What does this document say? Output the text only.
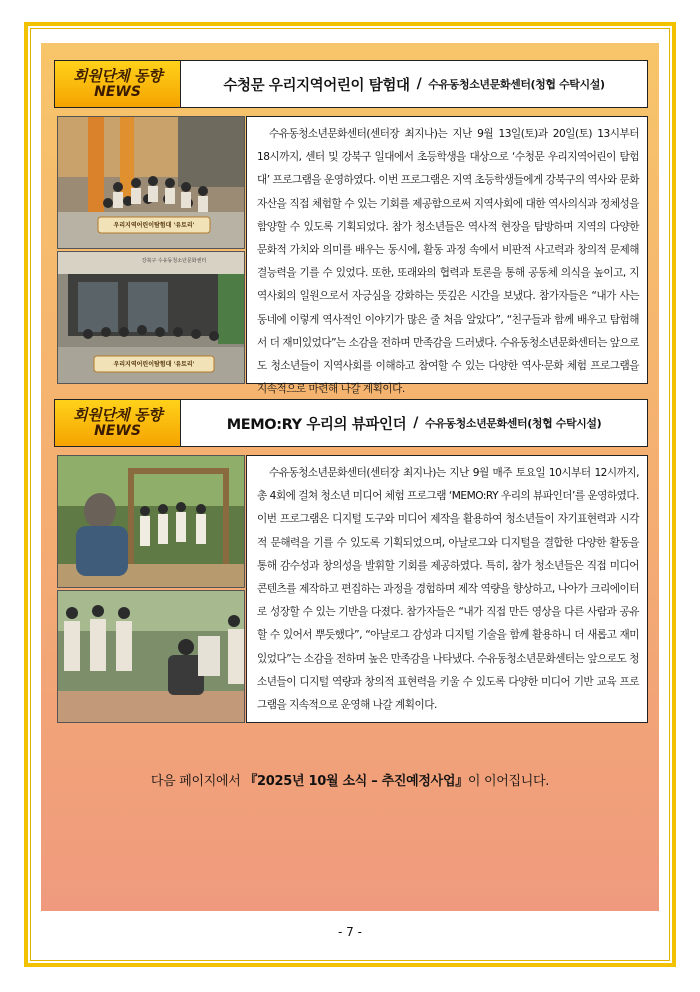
회원단체 동향
NEWS	수청문 우리지역어린이 탐험대 / 수유동청소년문화센터(청협 수탁시설)
우리지역어린이탐험대 '유토리'
강북구 수유동청소년문화센터
우리지역어린이탐험대 '유토리'
수유동청소년문화센터(센터장 최지나)는 지난 9월 13일(토)과 20일(토) 13시부터 18시까지, 센터 및 강북구 일대에서 초등학생을 대상으로 ‘수청문 우리지역어린이 탐험대’ 프로그램을 운영하였다. 이번 프로그램은 지역 초등학생들에게 강북구의 역사와 문화 자산을 직접 체험할 수 있는 기회를 제공함으로써 지역사회에 대한 역사의식과 정체성을 함양할 수 있도록 기획되었다. 참가 청소년들은 역사적 현장을 탐방하며 지역의 다양한 문화적 가치와 의미를 배우는 동시에, 활동 과정 속에서 비판적 사고력과 창의적 문제해결능력을 기를 수 있었다. 또한, 또래와의 협력과 토론을 통해 공동체 의식을 높이고, 지역사회의 일원으로서 자긍심을 강화하는 뜻깊은 시간을 보냈다. 참가자들은 “내가 사는 동네에 이렇게 역사적인 이야기가 많은 줄 처음 알았다”, “친구들과 함께 배우고 탐험해서 더 재미있었다”는 소감을 전하며 만족감을 드러냈다. 수유동청소년문화센터는 앞으로도 청소년들이 지역사회를 이해하고 참여할 수 있는 다양한 역사·문화 체험 프로그램을 지속적으로 마련해 나갈 계획이다.
회원단체 동향
NEWS	MEMO:RY 우리의 뷰파인더 / 수유동청소년문화센터(청협 수탁시설)
수유동청소년문화센터(센터장 최지나)는 지난 9월 매주 토요일 10시부터 12시까지, 총 4회에 걸쳐 청소년 미디어 체험 프로그램 ‘MEMO:RY 우리의 뷰파인더’를 운영하였다. 이번 프로그램은 디지털 도구와 미디어 제작을 활용하여 청소년들이 자기표현력과 시각적 문해력을 기를 수 있도록 기획되었으며, 아날로그와 디지털을 결합한 다양한 활동을 통해 감수성과 창의성을 발휘할 기회를 제공하였다. 특히, 참가 청소년들은 직접 미디어 콘텐츠를 제작하고 편집하는 과정을 경험하며 제작 역량을 향상하고, 나아가 크리에이터로 성장할 수 있는 기반을 다졌다. 참가자들은 “내가 직접 만든 영상을 다른 사람과 공유할 수 있어서 뿌듯했다”, “아날로그 감성과 디지털 기술을 함께 활용하니 더 새롭고 재미있었다”는 소감을 전하며 높은 만족감을 나타냈다. 수유동청소년문화센터는 앞으로도 청소년들이 디지털 역량과 창의적 표현력을 키울 수 있도록 다양한 미디어 기반 교육 프로그램을 지속적으로 운영해 나갈 계획이다.
다음 페이지에서 『2025년 10월 소식 – 추진예정사업』이 이어집니다.
- 7 -
